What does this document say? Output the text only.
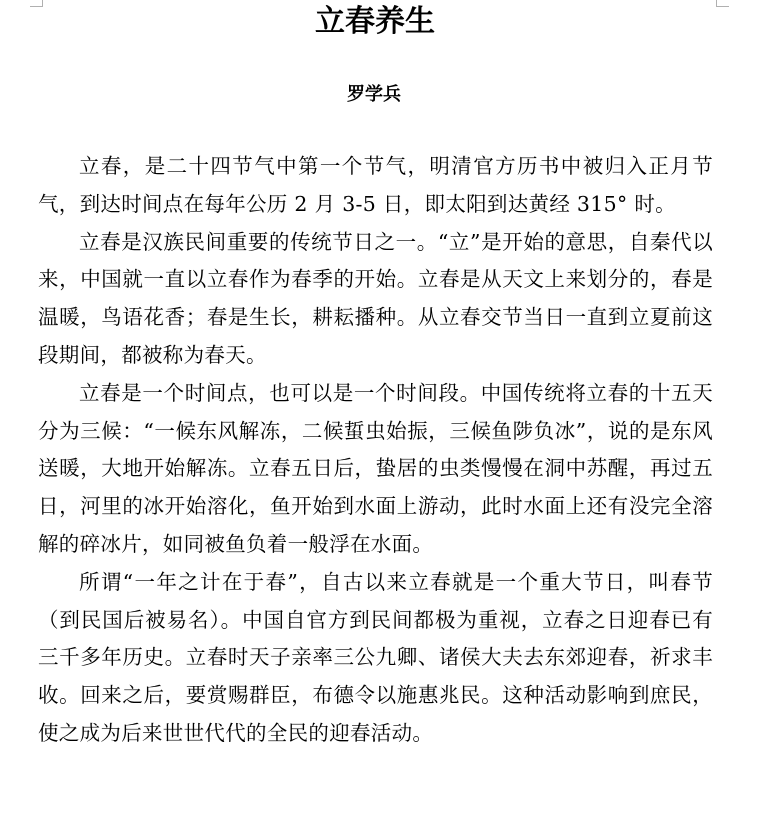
立春养生
罗学兵

立春，是二十四节气中第一个节气，明清官方历书中被归入正月节气，到达时间点在每年公历 2 月 3-5 日，即太阳到达黄经 315° 时。

立春是汉族民间重要的传统节日之一。“立”是开始的意思，自秦代以来，中国就一直以立春作为春季的开始。立春是从天文上来划分的，春是温暖，鸟语花香；春是生长，耕耘播种。从立春交节当日一直到立夏前这段期间，都被称为春天。

立春是一个时间点，也可以是一个时间段。中国传统将立春的十五天分为三候：“一候东风解冻，二候蜇虫始振，三候鱼陟负冰”，说的是东风送暖，大地开始解冻。立春五日后，蛰居的虫类慢慢在洞中苏醒，再过五日，河里的冰开始溶化，鱼开始到水面上游动，此时水面上还有没完全溶解的碎冰片，如同被鱼负着一般浮在水面。

所谓“一年之计在于春”，自古以来立春就是一个重大节日，叫春节（到民国后被易名）。中国自官方到民间都极为重视，立春之日迎春已有三千多年历史。立春时天子亲率三公九卿、诸侯大夫去东郊迎春，祈求丰收。回来之后，要赏赐群臣，布德令以施惠兆民。这种活动影响到庶民，使之成为后来世世代代的全民的迎春活动。
